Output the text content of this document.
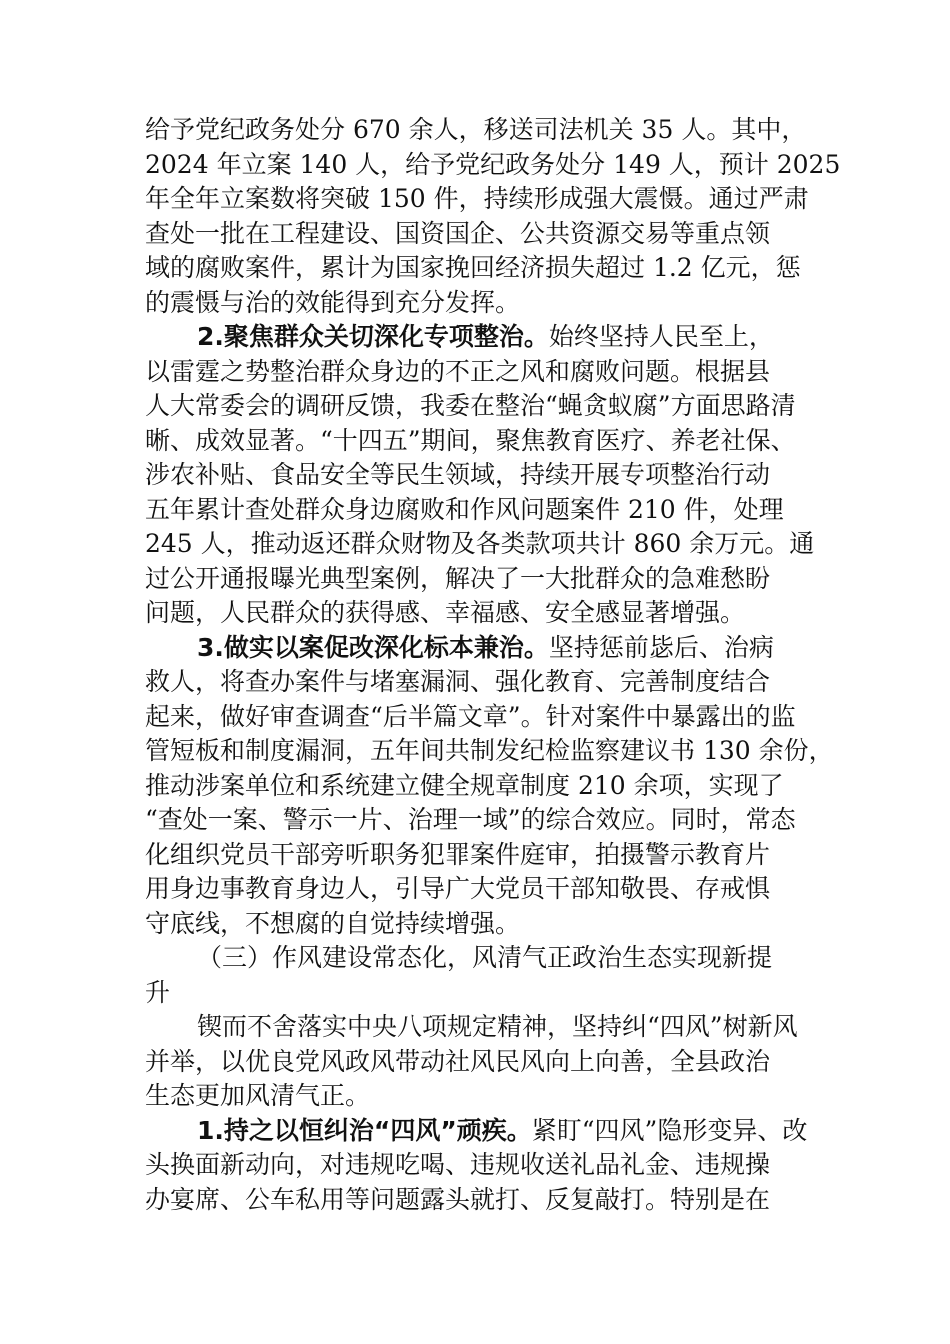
给予党纪政务处分 670 余人，移送司法机关 35 人。其中，
2024 年立案 140 人，给予党纪政务处分 149 人，预计 2025
年全年立案数将突破 150 件，持续形成强大震慑。通过严肃
查处一批在工程建设、国资国企、公共资源交易等重点领
域的腐败案件，累计为国家挽回经济损失超过 1.2 亿元，惩
的震慑与治的效能得到充分发挥。
2.聚焦群众关切深化专项整治。始终坚持人民至上，
以雷霆之势整治群众身边的不正之风和腐败问题。根据县
人大常委会的调研反馈，我委在整治“蝇贪蚁腐”方面思路清
晰、成效显著。“十四五”期间，聚焦教育医疗、养老社保、
涉农补贴、食品安全等民生领域，持续开展专项整治行动
五年累计查处群众身边腐败和作风问题案件 210 件，处理
245 人，推动返还群众财物及各类款项共计 860 余万元。通
过公开通报曝光典型案例，解决了一大批群众的急难愁盼
问题，人民群众的获得感、幸福感、安全感显著增强。
3.做实以案促改深化标本兼治。坚持惩前毖后、治病
救人，将查办案件与堵塞漏洞、强化教育、完善制度结合
起来，做好审查调查“后半篇文章”。针对案件中暴露出的监
管短板和制度漏洞，五年间共制发纪检监察建议书 130 余份，
推动涉案单位和系统建立健全规章制度 210 余项，实现了
“查处一案、警示一片、治理一域”的综合效应。同时，常态
化组织党员干部旁听职务犯罪案件庭审，拍摄警示教育片
用身边事教育身边人，引导广大党员干部知敬畏、存戒惧
守底线，不想腐的自觉持续增强。
（三）作风建设常态化，风清气正政治生态实现新提
升
锲而不舍落实中央八项规定精神，坚持纠“四风”树新风
并举，以优良党风政风带动社风民风向上向善，全县政治
生态更加风清气正。
1.持之以恒纠治“四风”顽疾。紧盯“四风”隐形变异、改
头换面新动向，对违规吃喝、违规收送礼品礼金、违规操
办宴席、公车私用等问题露头就打、反复敲打。特别是在
